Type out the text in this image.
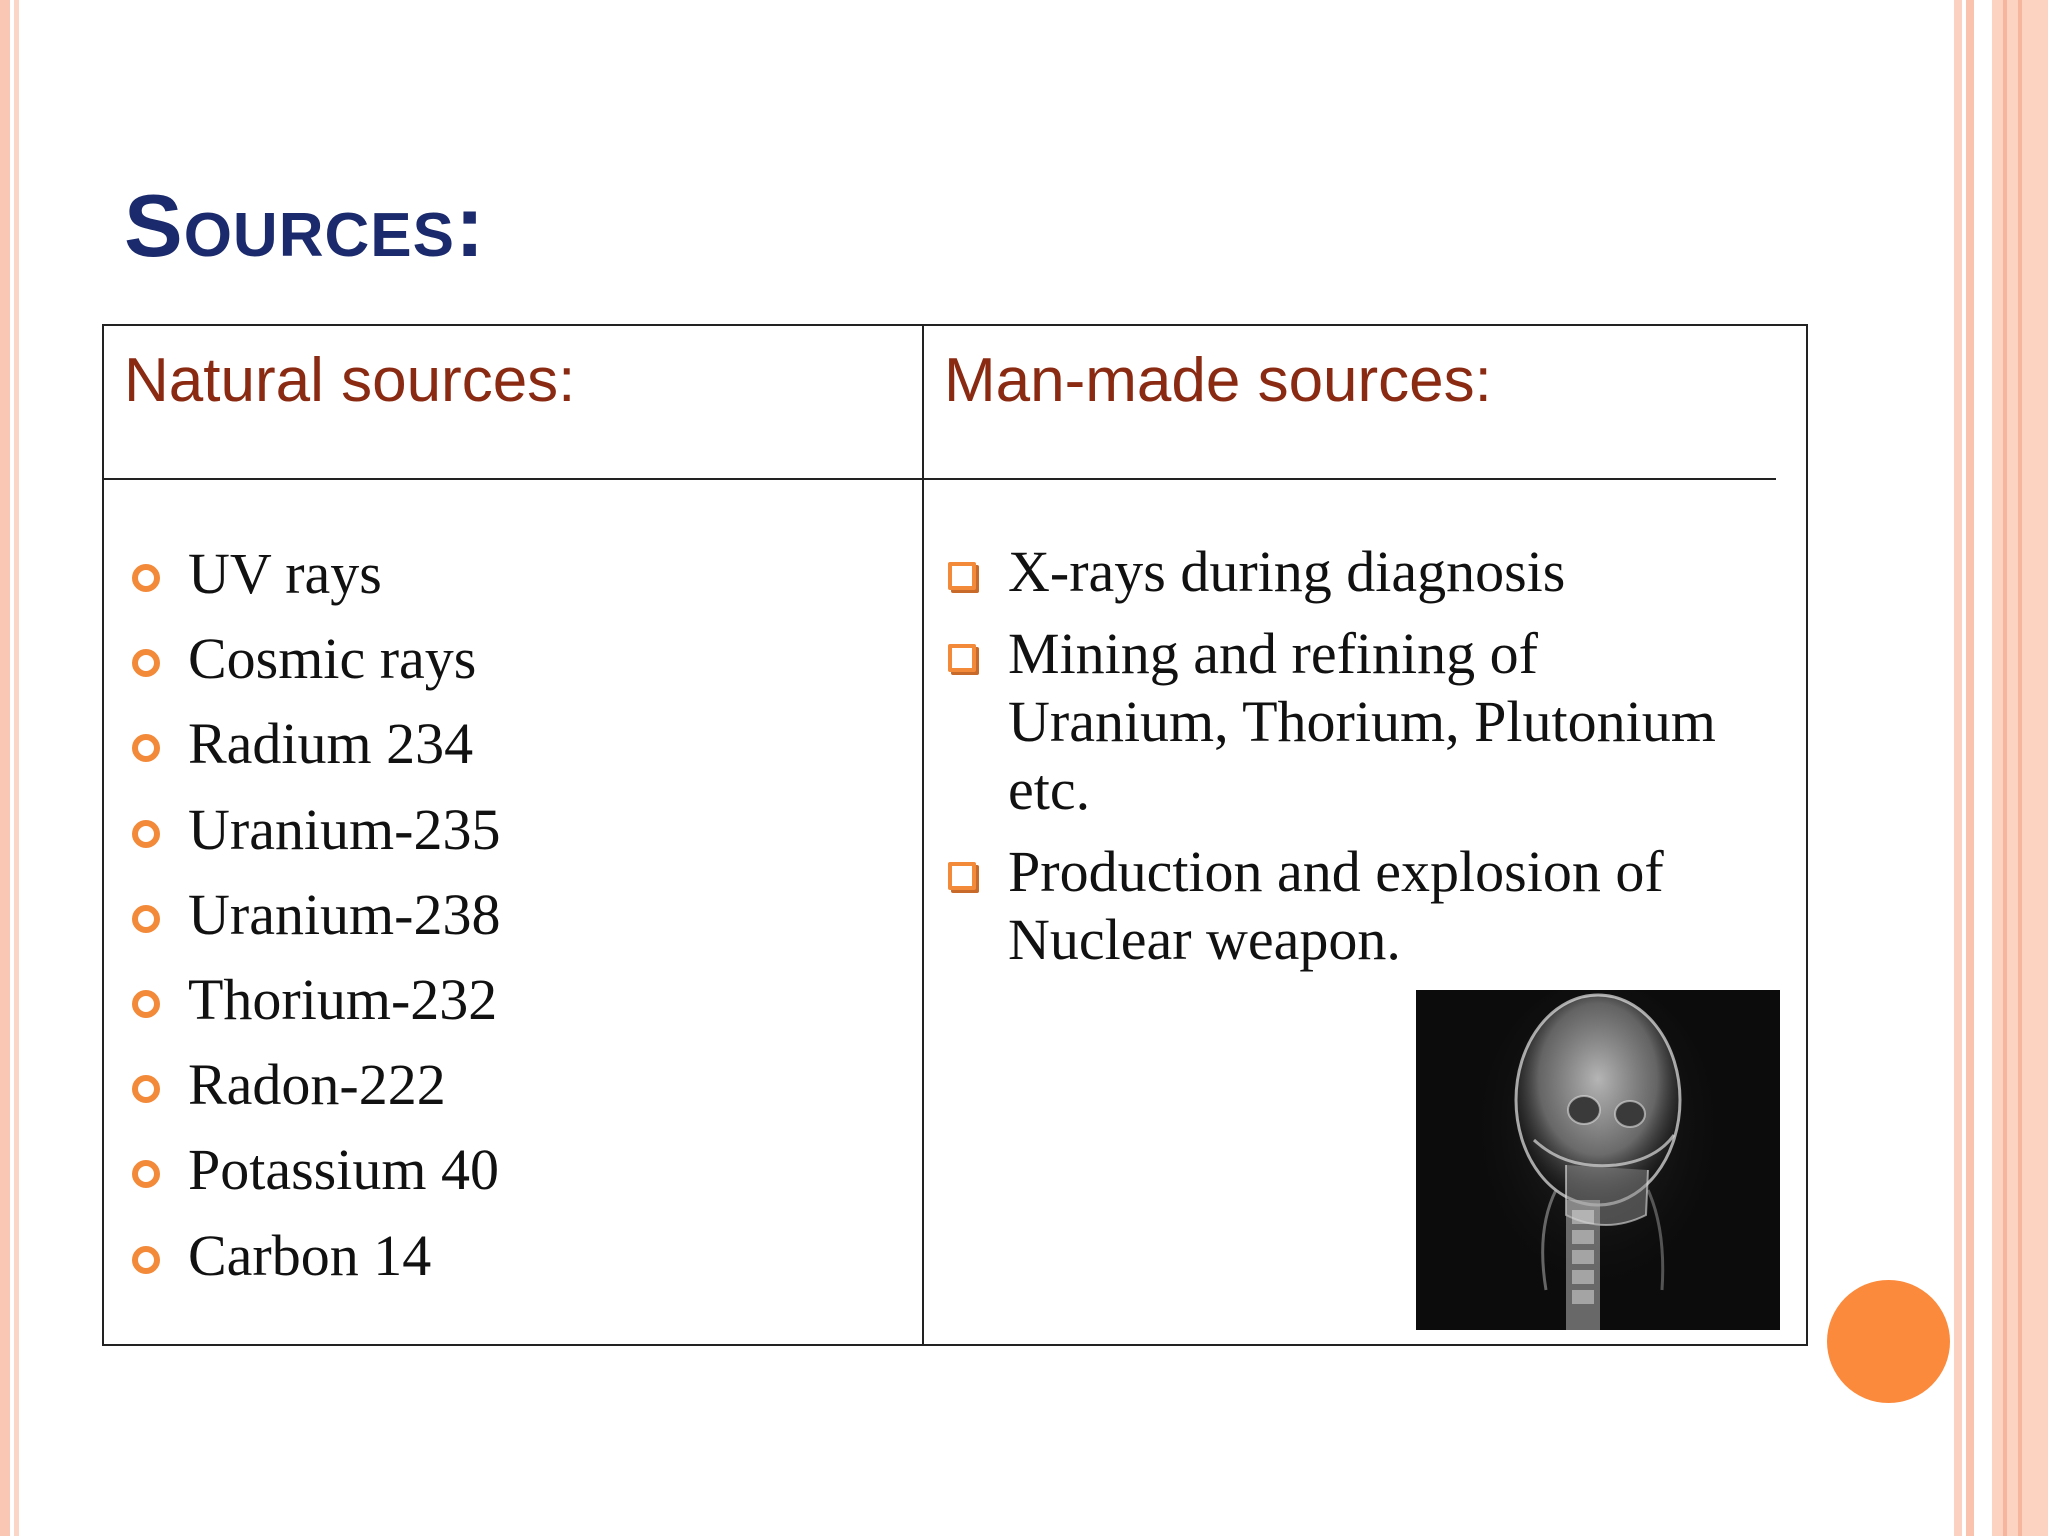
Sources:
Natural sources:	Man-made sources:
UV rays
Cosmic rays
Radium 234
Uranium-235
Uranium-238
Thorium-232
Radon-222
Potassium 40
Carbon 14
X-rays during diagnosis
Mining and refining of Uranium, Thorium, Plutonium etc.
Production and explosion of Nuclear weapon.
